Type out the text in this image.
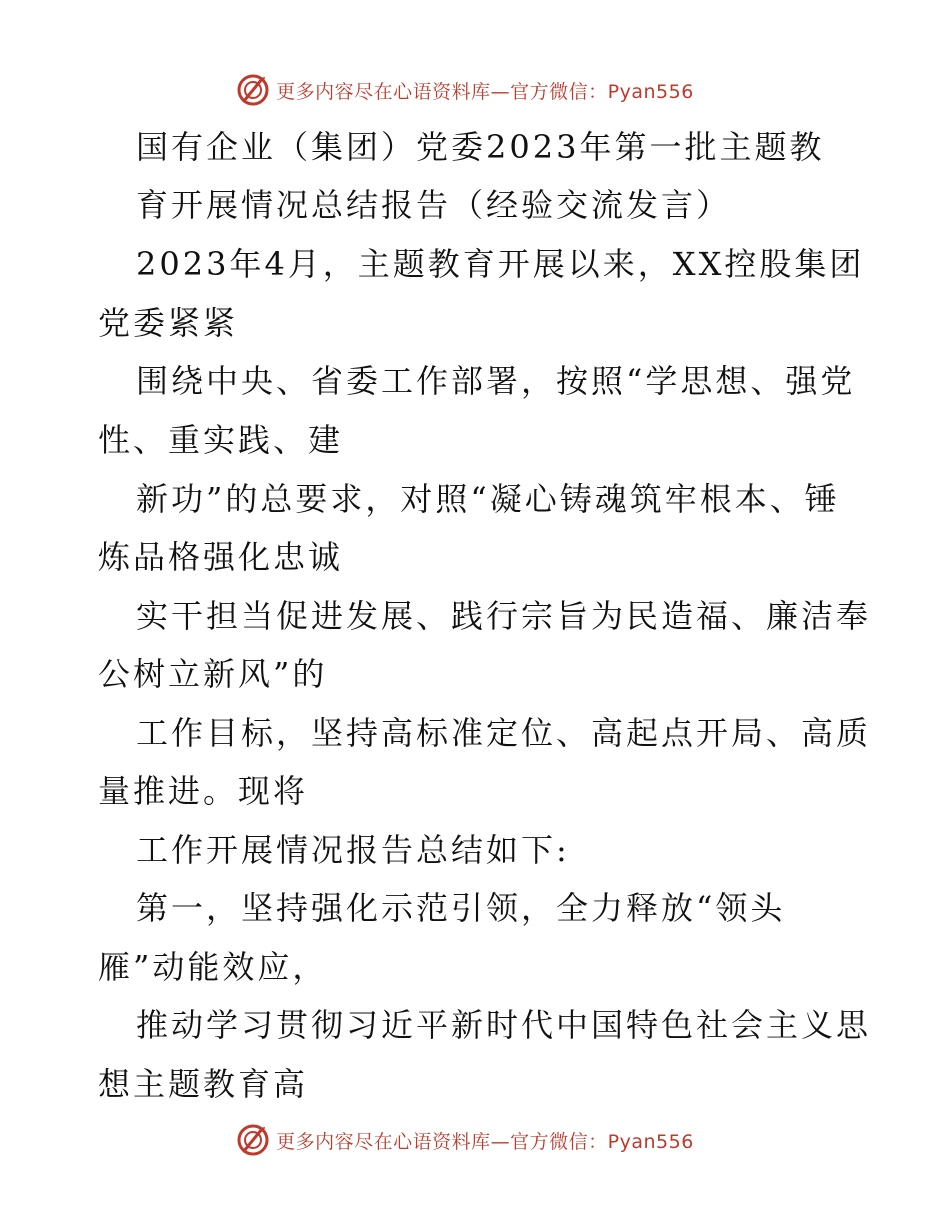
更多内容尽在心语资料库—官方微信：Pyan556
国有企业（集团）党委2023年第一批主题教
育开展情况总结报告（经验交流发言）
2023年4月，主题教育开展以来，XX控股集团
党委紧紧
围绕中央、省委工作部署，按照“学思想、强党
性、重实践、建
新功”的总要求，对照“凝心铸魂筑牢根本、锤
炼品格强化忠诚
实干担当促进发展、践行宗旨为民造福、廉洁奉
公树立新风”的
工作目标，坚持高标准定位、高起点开局、高质
量推进。现将
工作开展情况报告总结如下:
第一，坚持强化示范引领，全力释放“领头
雁”动能效应，
推动学习贯彻习近平新时代中国特色社会主义思
想主题教育高
更多内容尽在心语资料库—官方微信：Pyan556
